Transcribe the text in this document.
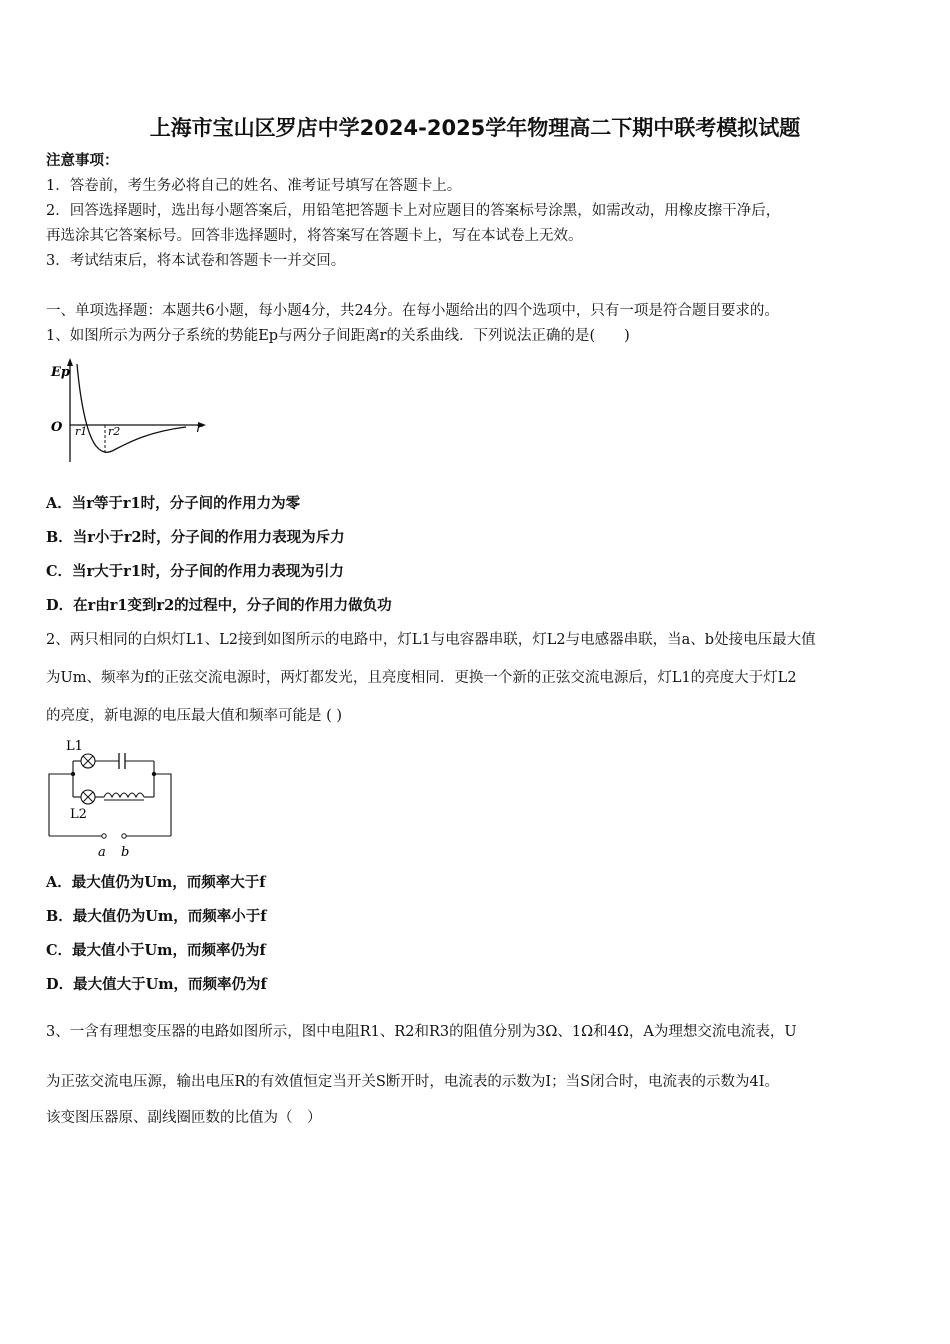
上海市宝山区罗店中学2024-2025学年物理高二下期中联考模拟试题
注意事项：
1．答卷前，考生务必将自己的姓名、准考证号填写在答题卡上。
2．回答选择题时，选出每小题答案后，用铅笔把答题卡上对应题目的答案标号涂黑，如需改动，用橡皮擦干净后，
再选涂其它答案标号。回答非选择题时，将答案写在答题卡上，写在本试卷上无效。
3．考试结束后，将本试卷和答题卡一并交回。
一、单项选择题：本题共6小题，每小题4分，共24分。在每小题给出的四个选项中，只有一项是符合题目要求的。
1、如图所示为两分子系统的势能Ep与两分子间距离r的关系曲线．下列说法正确的是(　　)
Ep
O	r
r1 r2
A．当r等于r1时，分子间的作用力为零
B．当r小于r2时，分子间的作用力表现为斥力
C．当r大于r1时，分子间的作用力表现为引力
D．在r由r1变到r2的过程中，分子间的作用力做负功
2、两只相同的白炽灯L1、L2接到如图所示的电路中，灯L1与电容器串联，灯L2与电感器串联，当a、b处接电压最大值
为Um、频率为f的正弦交流电源时，两灯都发光，且亮度相同．更换一个新的正弦交流电源后，灯L1的亮度大于灯L2
的亮度，新电源的电压最大值和频率可能是 ( )
L1
L2
a b
A．最大值仍为Um，而频率大于f
B．最大值仍为Um，而频率小于f
C．最大值小于Um，而频率仍为f
D．最大值大于Um，而频率仍为f
3、一含有理想变压器的电路如图所示，图中电阻R1、R2和R3的阻值分别为3Ω、1Ω和4Ω，A为理想交流电流表，U
为正弦交流电压源，输出电压R的有效值恒定当开关S断开时，电流表的示数为I；当S闭合时，电流表的示数为4I。
该变图压器原、副线圈匝数的比值为（　）
